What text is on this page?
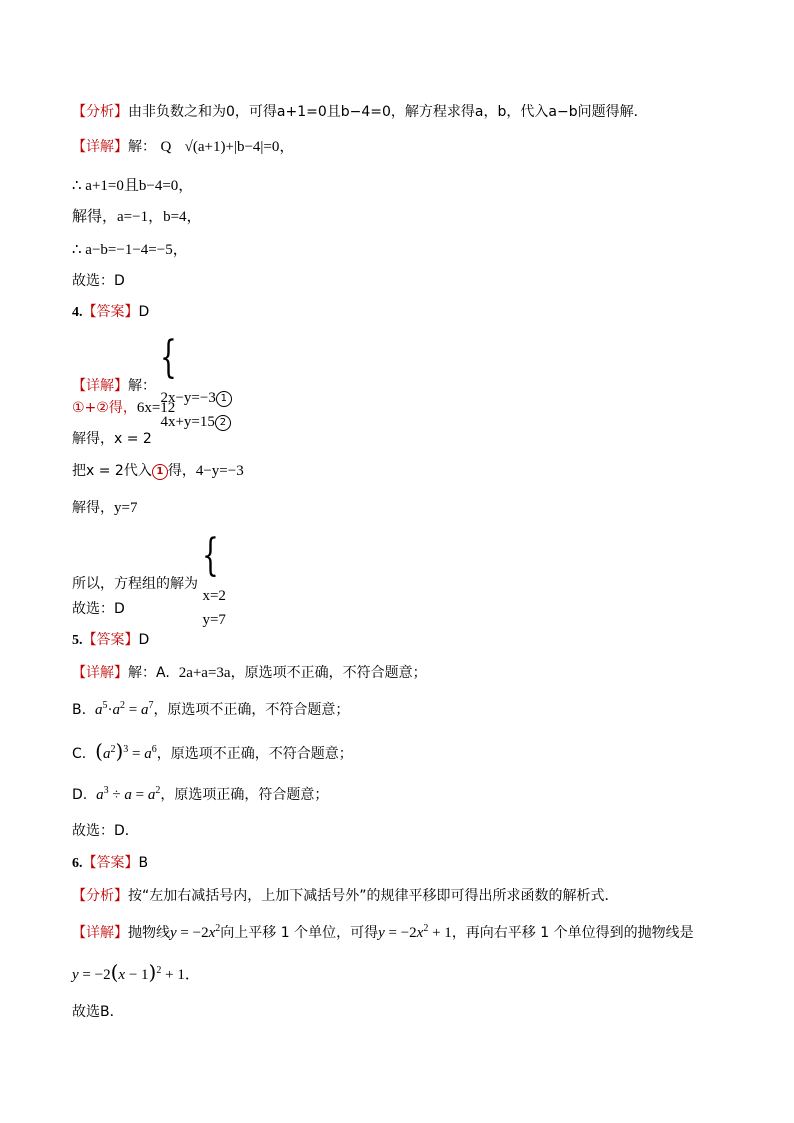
【分析】由非负数之和为0，可得a+1=0且b−4=0，解方程求得a，b，代入a−b问题得解．
【详解】解： Q √(a+1)+|b−4|=0，
∴ a+1=0且b−4=0，
解得，a=−1，b=4，
∴ a−b=−1−4=−5，
故选：D
4.【答案】D
【详解】解：
{
2x−y=−3 1
4x+y=15 2
①+②得，6x=12
解得，x = 2
把x = 2代入 1 得，4−y=−3
解得，y=7
所以，方程组的解为
{
x=2
y=7
故选：D
5.【答案】D
【详解】解：A. 2a+a=3a，原选项不正确，不符合题意；
B. $a^5\cdot a^2 = a^7$，原选项不正确，不符合题意；
C. $(a^2)^3 = a^6$，原选项不正确，不符合题意；
D. $a^3 \div a = a^2$，原选项正确，符合题意；
故选：D．
6.【答案】B
【分析】按“左加右减括号内，上加下减括号外”的规律平移即可得出所求函数的解析式．
【详解】抛物线$y = -2x^2$向上平移 1 个单位，可得$y = -2x^2 + 1$，再向右平移 1 个单位得到的抛物线是
$y = -2(x - 1)^2 + 1$．
故选B．
